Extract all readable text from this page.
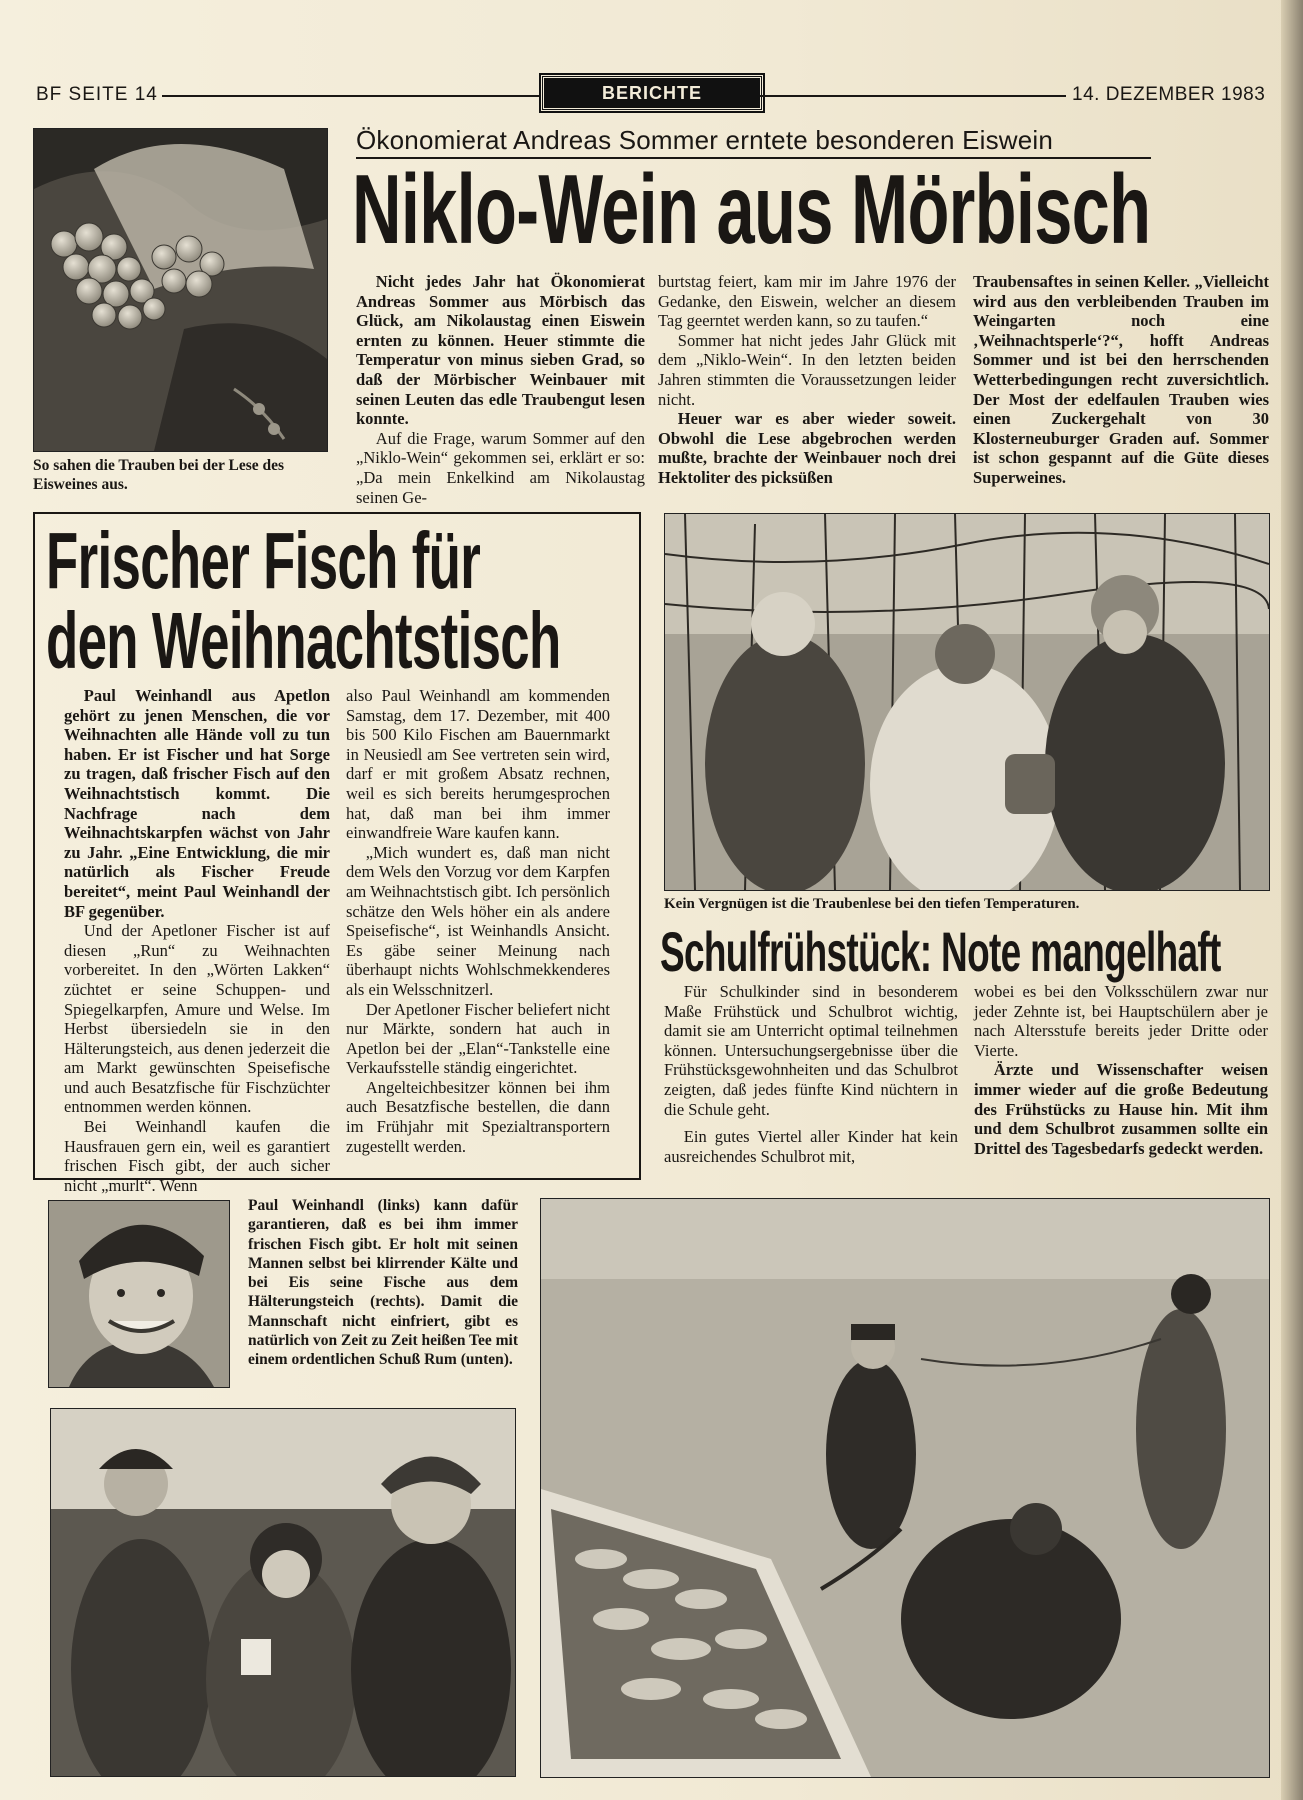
BF SEITE 14	BERICHTE	14. DEZEMBER 1983
So sahen die Trauben bei der Lese des Eisweines aus.
Ökonomierat Andreas Sommer erntete besonderen Eiswein
Niklo-Wein aus Mörbisch

Nicht jedes Jahr hat Ökonomierat Andreas Sommer aus Mörbisch das Glück, am Nikolaustag einen Eiswein ernten zu können. Heuer stimmte die Temperatur von minus sieben Grad, so daß der Mörbischer Weinbauer mit seinen Leuten das edle Traubengut lesen konnte.

Auf die Frage, warum Sommer auf den „Niklo-Wein“ gekommen sei, erklärt er so: „Da mein Enkelkind am Nikolaustag seinen Ge-

burtstag feiert, kam mir im Jahre 1976 der Gedanke, den Eiswein, welcher an diesem Tag geerntet werden kann, so zu taufen.“

Sommer hat nicht jedes Jahr Glück mit dem „Niklo-Wein“. In den letzten beiden Jahren stimmten die Voraussetzungen leider nicht.

Heuer war es aber wieder soweit. Obwohl die Lese abgebrochen werden mußte, brachte der Weinbauer noch drei Hektoliter des picksüßen

Traubensaftes in seinen Keller. „Vielleicht wird aus den verbleibenden Trauben im Weingarten noch eine ‚Weihnachtsperle‘?“, hofft Andreas Sommer und ist bei den herrschenden Wetterbedingungen recht zuversichtlich. Der Most der edelfaulen Trauben wies einen Zuckergehalt von 30 Klosterneuburger Graden auf. Sommer ist schon gespannt auf die Güte dieses Superweines.

Frischer Fisch für
den Weihnachtstisch

Paul Weinhandl aus Apetlon gehört zu jenen Menschen, die vor Weihnachten alle Hände voll zu tun haben. Er ist Fischer und hat Sorge zu tragen, daß frischer Fisch auf den Weihnachtstisch kommt. Die Nachfrage nach dem Weihnachtskarpfen wächst von Jahr zu Jahr. „Eine Entwicklung, die mir natürlich als Fischer Freude bereitet“, meint Paul Weinhandl der BF gegenüber.

Und der Apetloner Fischer ist auf diesen „Run“ zu Weihnachten vorbereitet. In den „Wörten Lakken“ züchtet er seine Schuppen- und Spiegelkarpfen, Amure und Welse. Im Herbst übersiedeln sie in den Hälterungsteich, aus denen jederzeit die am Markt gewünschten Speisefische und auch Besatzfische für Fischzüchter entnommen werden können.

Bei Weinhandl kaufen die Hausfrauen gern ein, weil es garantiert frischen Fisch gibt, der auch sicher nicht „murlt“. Wenn

also Paul Weinhandl am kommenden Samstag, dem 17. Dezember, mit 400 bis 500 Kilo Fischen am Bauernmarkt in Neusiedl am See vertreten sein wird, darf er mit großem Absatz rechnen, weil es sich bereits herumgesprochen hat, daß man bei ihm immer einwandfreie Ware kaufen kann.

„Mich wundert es, daß man nicht dem Wels den Vorzug vor dem Karpfen am Weihnachtstisch gibt. Ich persönlich schätze den Wels höher ein als andere Speisefische“, ist Weinhandls Ansicht. Es gäbe seiner Meinung nach überhaupt nichts Wohlschmekkenderes als ein Welsschnitzerl.

Der Apetloner Fischer beliefert nicht nur Märkte, sondern hat auch in Apetlon bei der „Elan“-Tankstelle eine Verkaufsstelle ständig eingerichtet.

Angelteichbesitzer können bei ihm auch Besatzfische bestellen, die dann im Frühjahr mit Spezialtransportern zugestellt werden.

Kein Vergnügen ist die Traubenlese bei den tiefen Temperaturen.
Schulfrühstück: Note mangelhaft

Für Schulkinder sind in besonderem Maße Frühstück und Schulbrot wichtig, damit sie am Unterricht optimal teilnehmen können. Untersuchungsergebnisse über die Frühstücksgewohnheiten und das Schulbrot zeigten, daß jedes fünfte Kind nüchtern in die Schule geht.

Ein gutes Viertel aller Kinder hat kein ausreichendes Schulbrot mit,

wobei es bei den Volksschülern zwar nur jeder Zehnte ist, bei Hauptschülern aber je nach Altersstufe bereits jeder Dritte oder Vierte.

Ärzte und Wissenschafter weisen immer wieder auf die große Bedeutung des Frühstücks zu Hause hin. Mit ihm und dem Schulbrot zusammen sollte ein Drittel des Tagesbedarfs gedeckt werden.

Paul Weinhandl (links) kann dafür garantieren, daß es bei ihm immer frischen Fisch gibt. Er holt mit seinen Mannen selbst bei klirrender Kälte und bei Eis seine Fische aus dem Hälterungsteich (rechts). Damit die Mannschaft nicht einfriert, gibt es natürlich von Zeit zu Zeit heißen Tee mit einem ordentlichen Schuß Rum (unten).
